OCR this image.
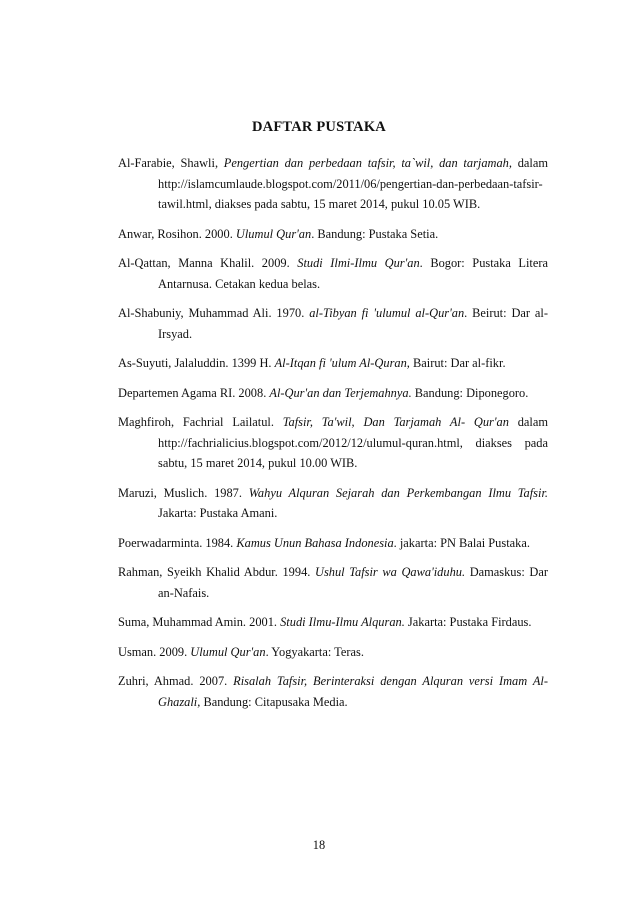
DAFTAR PUSTAKA

Al-Farabie, Shawli, Pengertian dan perbedaan tafsir, ta`wil, dan tarjamah, dalam http://islamcumlaude.blogspot.com/2011/06/pengertian-dan-perbedaan-tafsir-tawil.html, diakses pada sabtu, 15 maret 2014, pukul 10.05 WIB.

Anwar, Rosihon. 2000. Ulumul Qur'an. Bandung: Pustaka Setia.

Al-Qattan, Manna Khalil. 2009. Studi Ilmi-Ilmu Qur'an. Bogor: Pustaka Litera Antarnusa. Cetakan kedua belas.

Al-Shabuniy, Muhammad Ali. 1970. al-Tibyan fi 'ulumul al-Qur'an. Beirut: Dar al-Irsyad.

As-Suyuti, Jalaluddin. 1399 H. Al-Itqan fi 'ulum Al-Quran, Bairut: Dar al-fikr.

Departemen Agama RI. 2008. Al-Qur'an dan Terjemahnya. Bandung: Diponegoro.

Maghfiroh, Fachrial Lailatul. Tafsir, Ta'wil, Dan Tarjamah Al- Qur'an dalam http://fachrialicius.blogspot.com/2012/12/ulumul-quran.html, diakses pada sabtu, 15 maret 2014, pukul 10.00 WIB.

Maruzi, Muslich. 1987. Wahyu Alquran Sejarah dan Perkembangan Ilmu Tafsir. Jakarta: Pustaka Amani.

Poerwadarminta. 1984. Kamus Unun Bahasa Indonesia. jakarta: PN Balai Pustaka.

Rahman, Syeikh Khalid Abdur. 1994. Ushul Tafsir wa Qawa'iduhu. Damaskus: Dar an-Nafais.

Suma, Muhammad Amin. 2001. Studi Ilmu-Ilmu Alquran. Jakarta: Pustaka Firdaus.

Usman. 2009. Ulumul Qur'an. Yogyakarta: Teras.

Zuhri, Ahmad. 2007. Risalah Tafsir, Berinteraksi dengan Alquran versi Imam Al-Ghazali, Bandung: Citapusaka Media.

18
